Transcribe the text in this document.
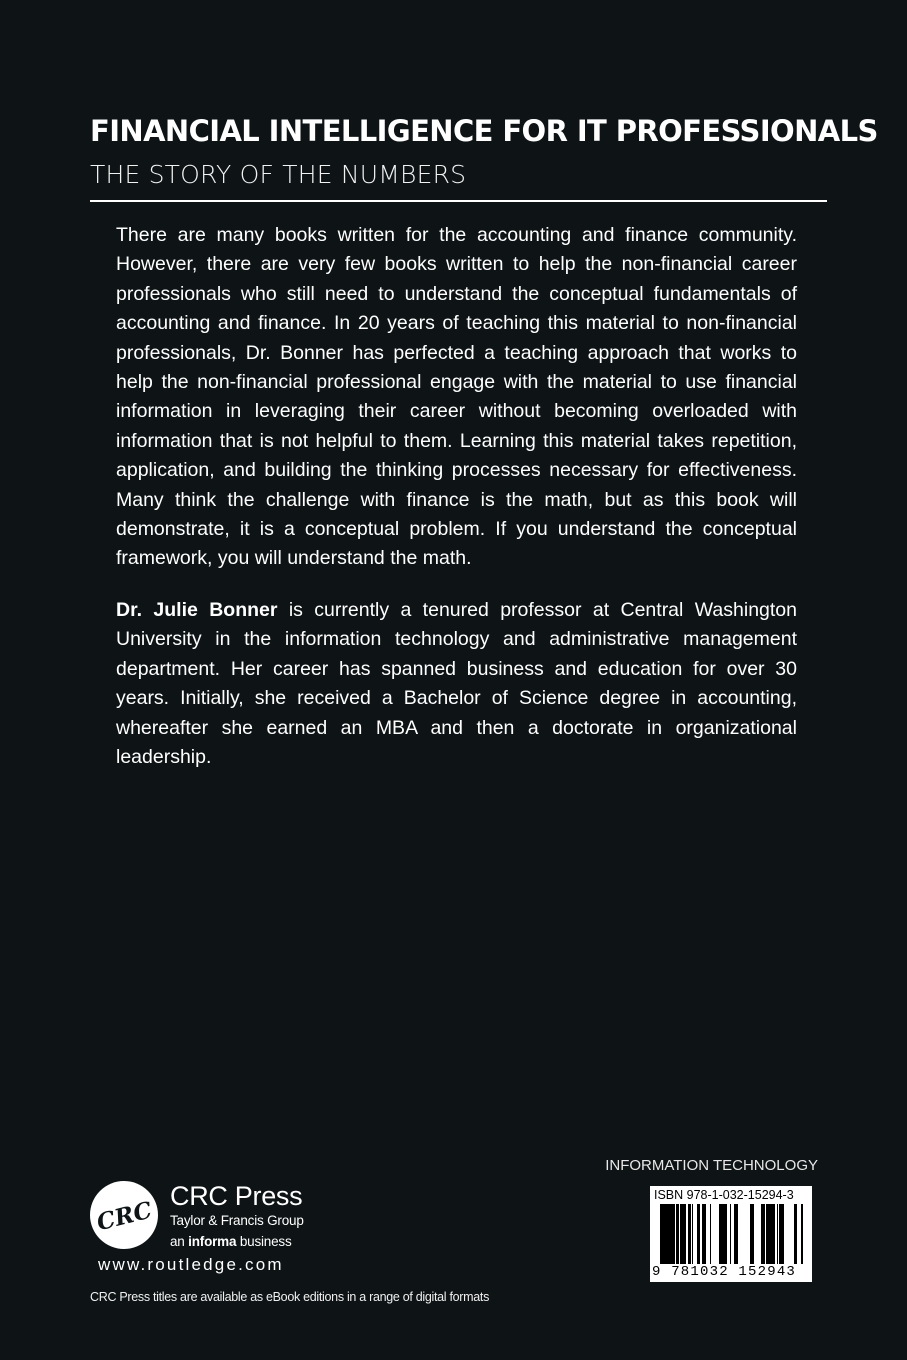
FINANCIAL INTELLIGENCE FOR IT PROFESSIONALS
THE STORY OF THE NUMBERS

There are many books written for the accounting and finance community. However, there are very few books written to help the non-financial career professionals who still need to understand the conceptual fundamentals of accounting and finance. In 20 years of teaching this material to non-financial professionals, Dr. Bonner has perfected a teaching approach that works to help the non-financial professional engage with the material to use financial information in leveraging their career without becoming overloaded with information that is not helpful to them. Learning this material takes repetition, application, and building the thinking processes necessary for effectiveness. Many think the challenge with finance is the math, but as this book will demonstrate, it is a conceptual problem. If you understand the conceptual framework, you will understand the math.

Dr. Julie Bonner is currently a tenured professor at Central Washington University in the information technology and administrative management department. Her career has spanned business and education for over 30 years. Initially, she received a Bachelor of Science degree in accounting, whereafter she earned an MBA and then a doctorate in organizational leadership.

INFORMATION TECHNOLOGY
ISBN 978-1-032-15294-3
9 781032 152943
CRC
CRC Press
Taylor & Francis Group
an informa business
www.routledge.com
CRC Press titles are available as eBook editions in a range of digital formats
